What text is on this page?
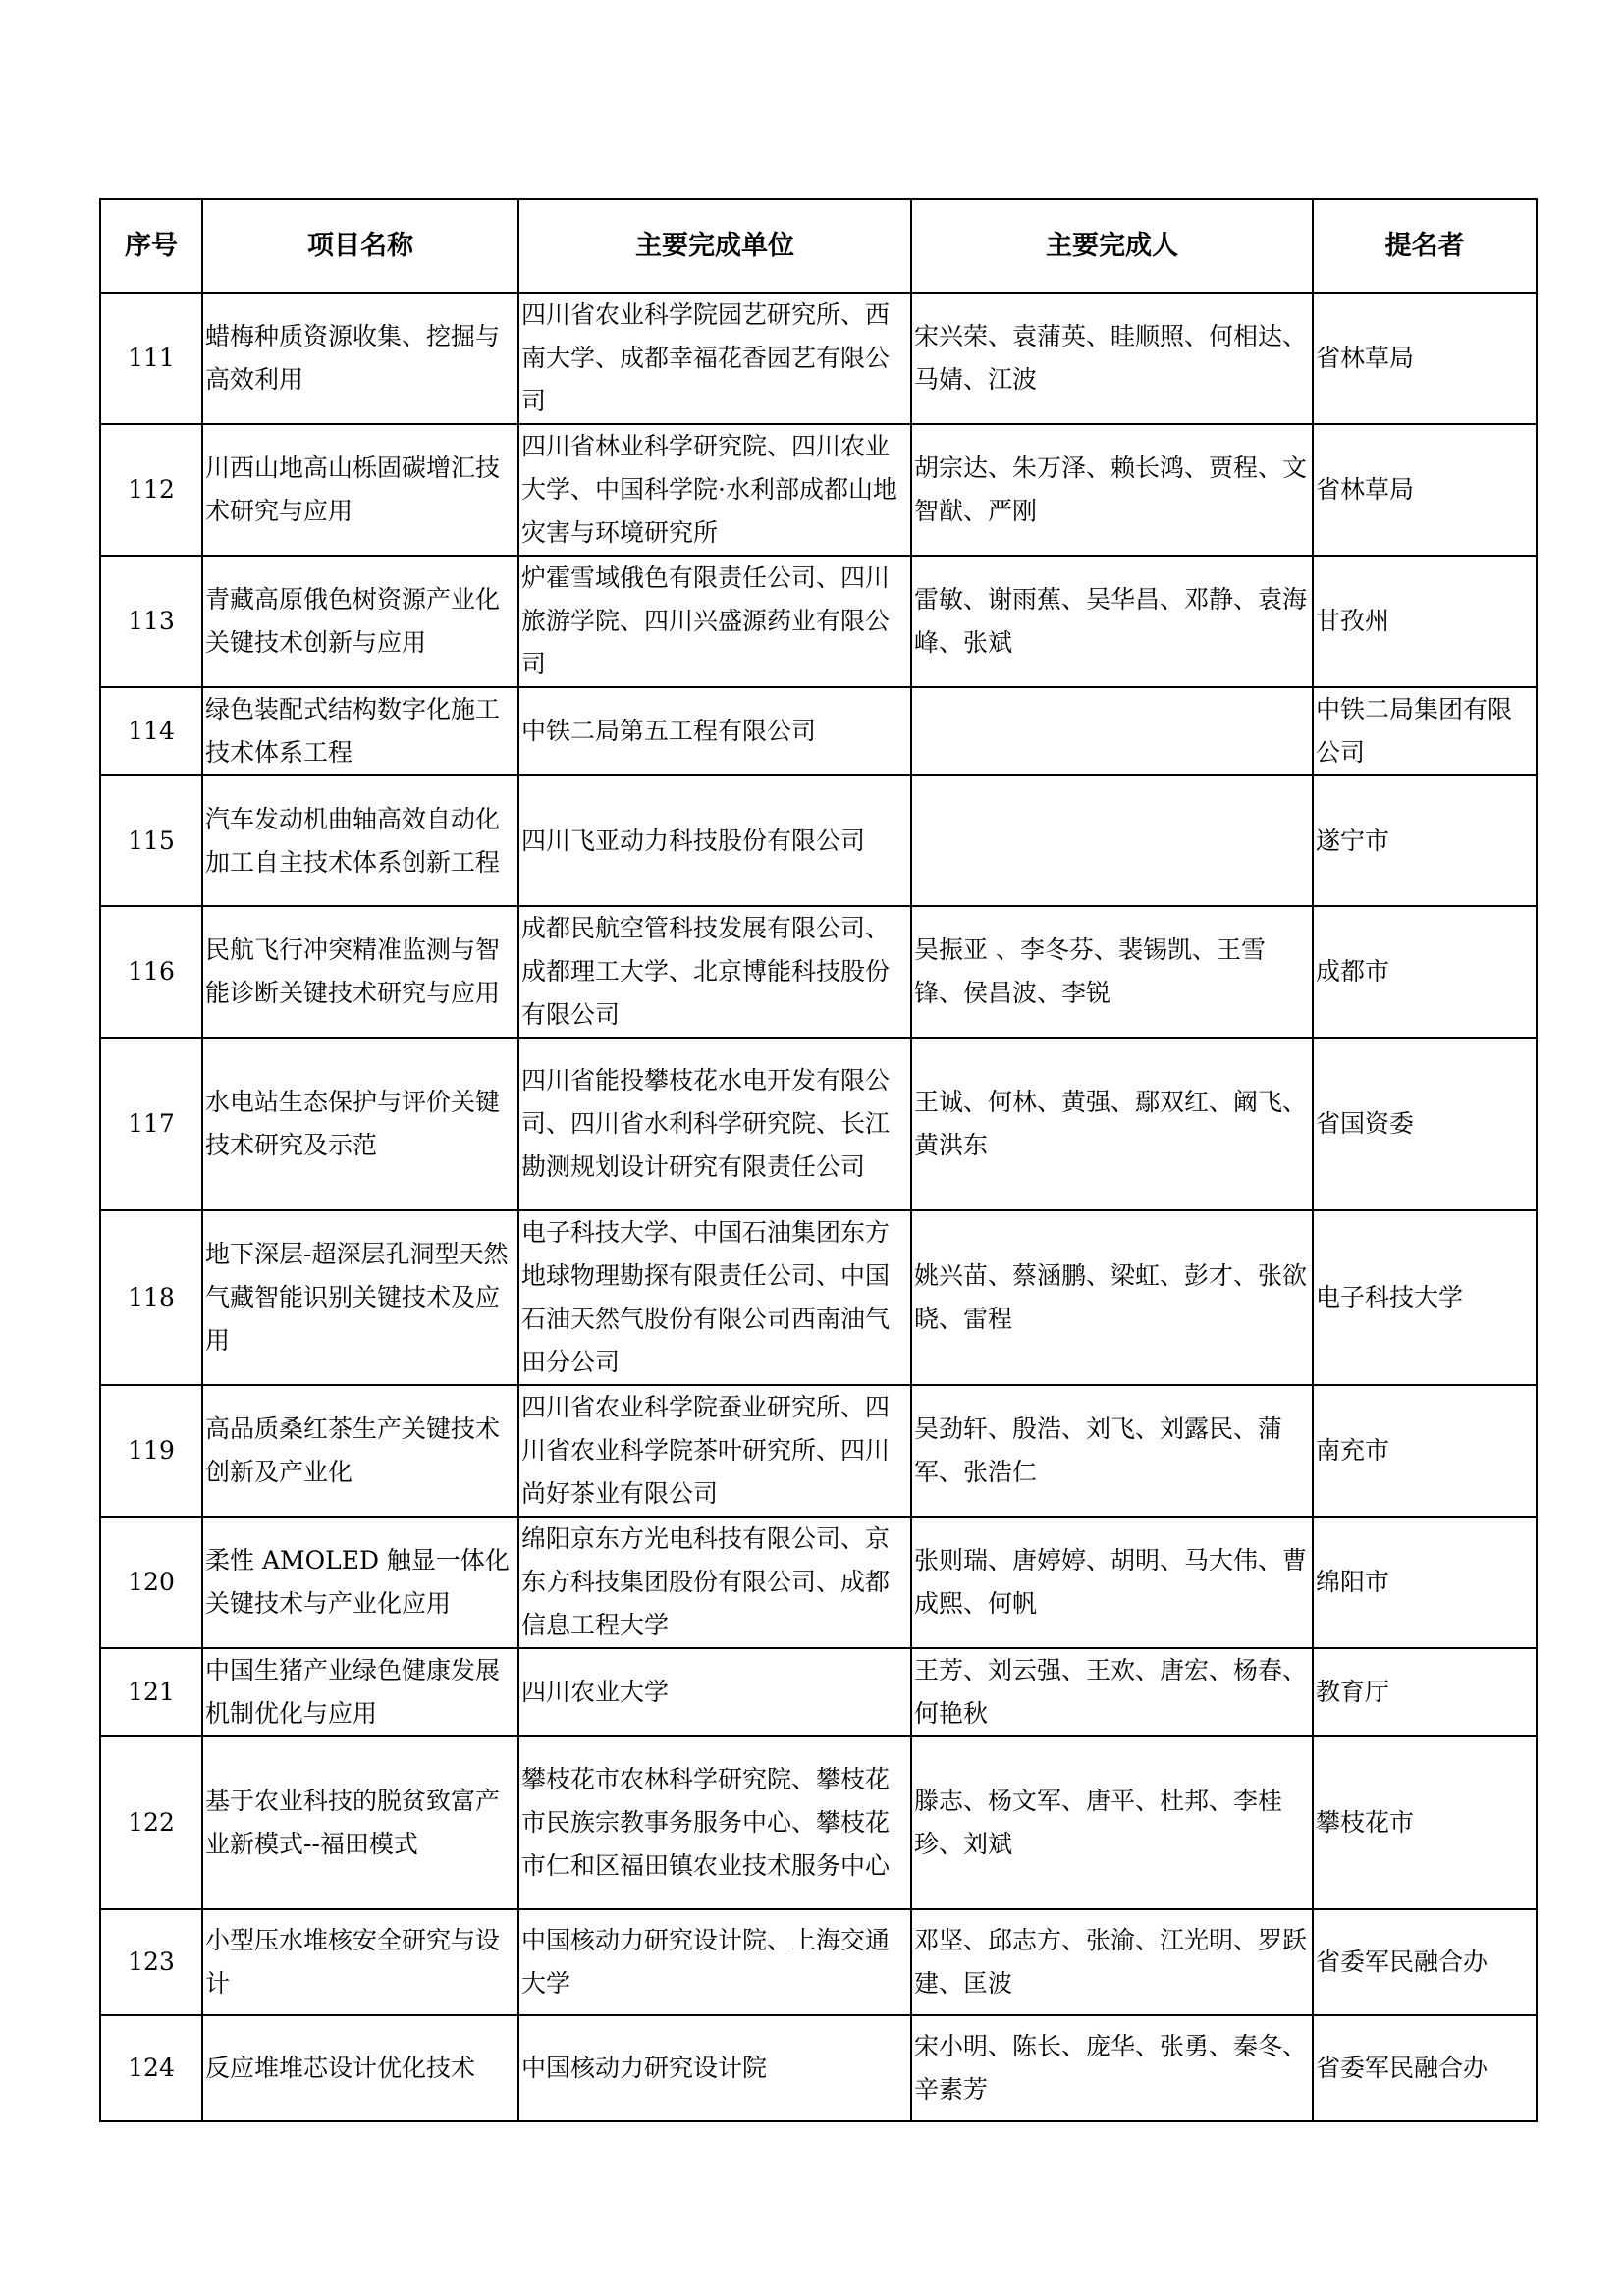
序号	项目名称	主要完成单位	主要完成人	提名者
111	蜡梅种质资源收集、挖掘与高效利用	四川省农业科学院园艺研究所、西南大学、成都幸福花香园艺有限公司	宋兴荣、袁蒲英、眭顺照、何相达、马婧、江波	省林草局
112	川西山地高山栎固碳增汇技术研究与应用	四川省林业科学研究院、四川农业大学、中国科学院·水利部成都山地灾害与环境研究所	胡宗达、朱万泽、赖长鸿、贾程、文智猷、严刚	省林草局
113	青藏高原俄色树资源产业化关键技术创新与应用	炉霍雪域俄色有限责任公司、四川旅游学院、四川兴盛源药业有限公司	雷敏、谢雨蕉、吴华昌、邓静、袁海峰、张斌	甘孜州
114	绿色装配式结构数字化施工技术体系工程	中铁二局第五工程有限公司		中铁二局集团有限公司
115	汽车发动机曲轴高效自动化加工自主技术体系创新工程	四川飞亚动力科技股份有限公司		遂宁市
116	民航飞行冲突精准监测与智能诊断关键技术研究与应用	成都民航空管科技发展有限公司、成都理工大学、北京博能科技股份有限公司	吴振亚 、李冬芬、裴锡凯、王雪锋、侯昌波、李锐	成都市
117	水电站生态保护与评价关键技术研究及示范	四川省能投攀枝花水电开发有限公司、四川省水利科学研究院、长江勘测规划设计研究有限责任公司	王诚、何林、黄强、鄢双红、阚飞、黄洪东	省国资委
118	地下深层-超深层孔洞型天然气藏智能识别关键技术及应用	电子科技大学、中国石油集团东方地球物理勘探有限责任公司、中国石油天然气股份有限公司西南油气田分公司	姚兴苗、蔡涵鹏、梁虹、彭才、张欲晓、雷程	电子科技大学
119	高品质桑红茶生产关键技术创新及产业化	四川省农业科学院蚕业研究所、四川省农业科学院茶叶研究所、四川尚好茶业有限公司	吴劲轩、殷浩、刘飞、刘露民、蒲军、张浩仁	南充市
120	柔性 AMOLED 触显一体化关键技术与产业化应用	绵阳京东方光电科技有限公司、京东方科技集团股份有限公司、成都信息工程大学	张则瑞、唐婷婷、胡明、马大伟、曹成熙、何帆	绵阳市
121	中国生猪产业绿色健康发展机制优化与应用	四川农业大学	王芳、刘云强、王欢、唐宏、杨春、何艳秋	教育厅
122	基于农业科技的脱贫致富产业新模式--福田模式	攀枝花市农林科学研究院、攀枝花市民族宗教事务服务中心、攀枝花市仁和区福田镇农业技术服务中心	滕志、杨文军、唐平、杜邦、李桂珍、刘斌	攀枝花市
123	小型压水堆核安全研究与设计	中国核动力研究设计院、上海交通大学	邓坚、邱志方、张渝、江光明、罗跃建、匡波	省委军民融合办
124	反应堆堆芯设计优化技术	中国核动力研究设计院	宋小明、陈长、庞华、张勇、秦冬、辛素芳	省委军民融合办
